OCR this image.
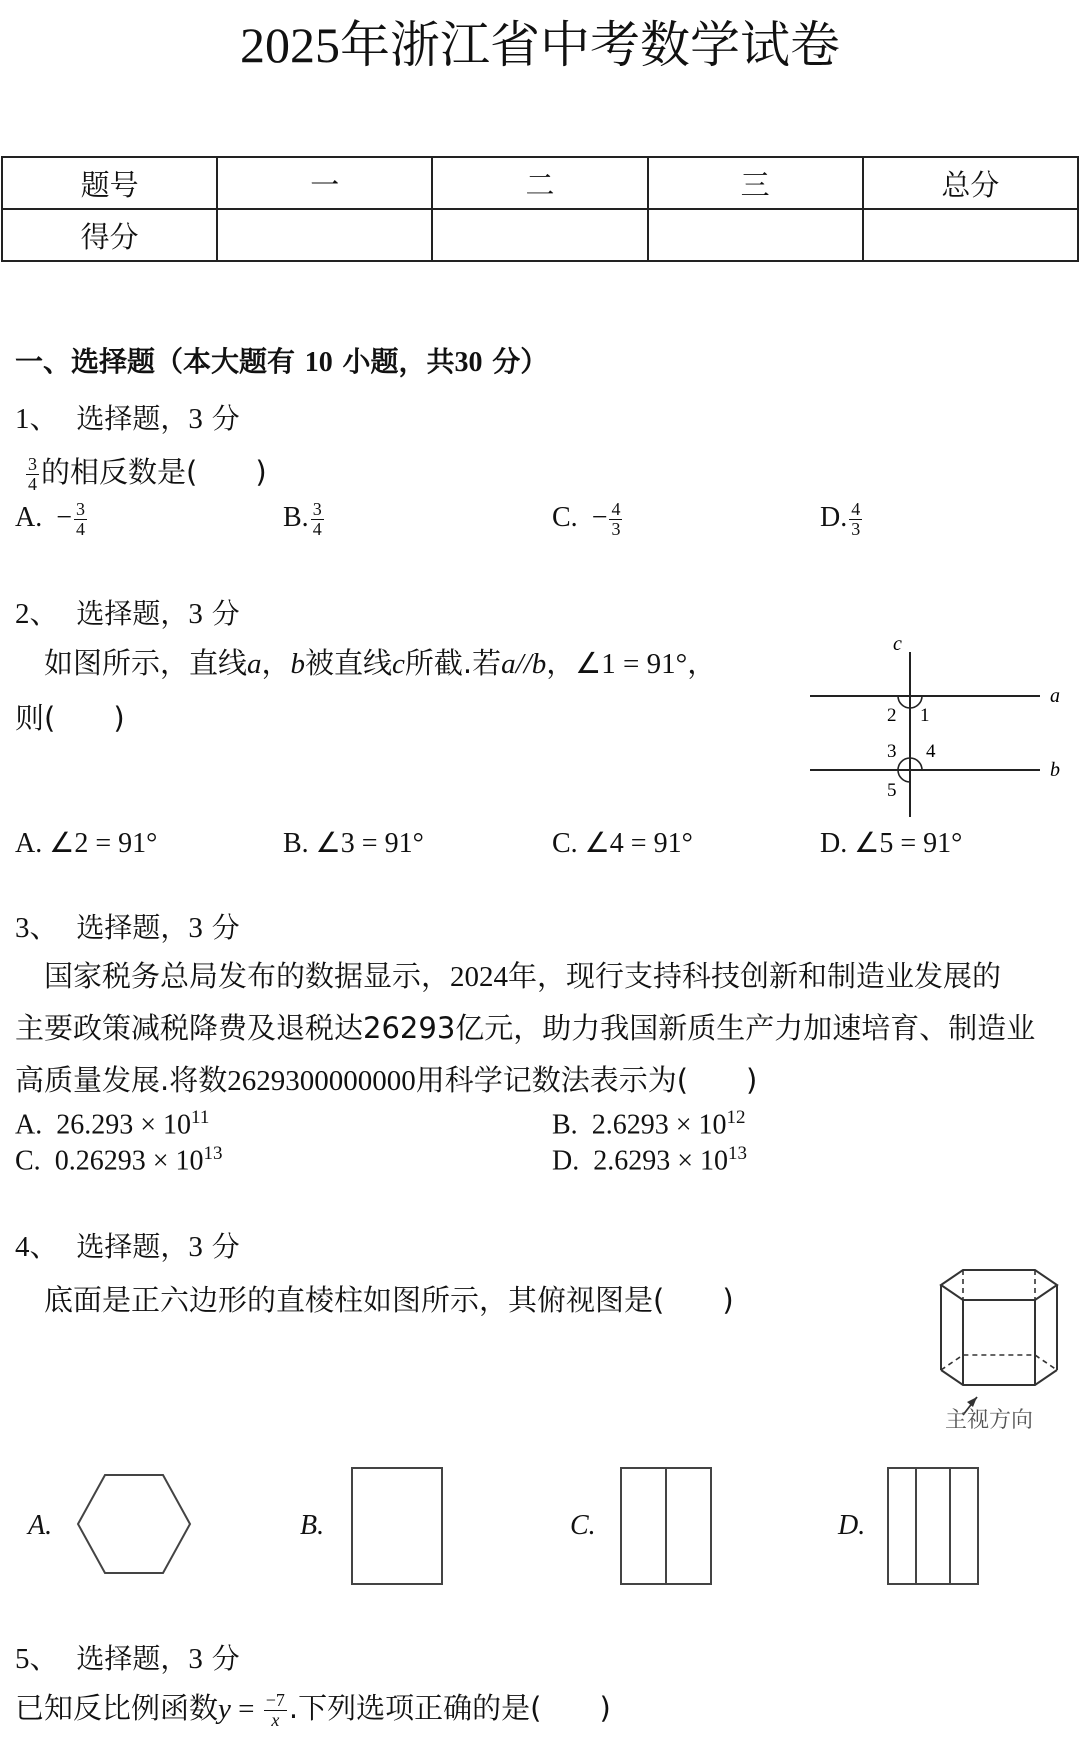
2025年浙江省中考数学试卷
题号	一	二	三	总分
得分				
一、选择题（本大题有 10 小题，共30 分）
1、 选择题，3 分
$\frac{3}{4}$ 的相反数是(　　)
A. − $\frac{3}{4}$	B. $\frac{3}{4}$	C. − $\frac{4}{3}$	D. $\frac{4}{3}$
2、 选择题，3 分
如图所示，直线a，b被直线c所截.若a//b，∠1 = 91°，
则(　　)
c
a
b
1
2
3 4
5
A. ∠2 = 91°	B. ∠3 = 91°	C. ∠4 = 91°	D. ∠5 = 91°
3、 选择题，3 分
国家税务总局发布的数据显示，2024年，现行支持科技创新和制造业发展的
主要政策减税降费及退税达26293亿元，助力我国新质生产力加速培育、制造业
高质量发展.将数2629300000000用科学记数法表示为(　　)
A. $26.293 \times 10^{11}$	B. $2.6293 \times 10^{12}$
C. $0.26293 \times 10^{13}$	D. $2.6293 \times 10^{13}$
4、 选择题，3 分
底面是正六边形的直棱柱如图所示，其俯视图是(　　)
主视方向
A.	B.	C.	D.
5、 选择题，3 分
已知反比例函数$y = \frac{-7}{x}$ .下列选项正确的是(　　)
